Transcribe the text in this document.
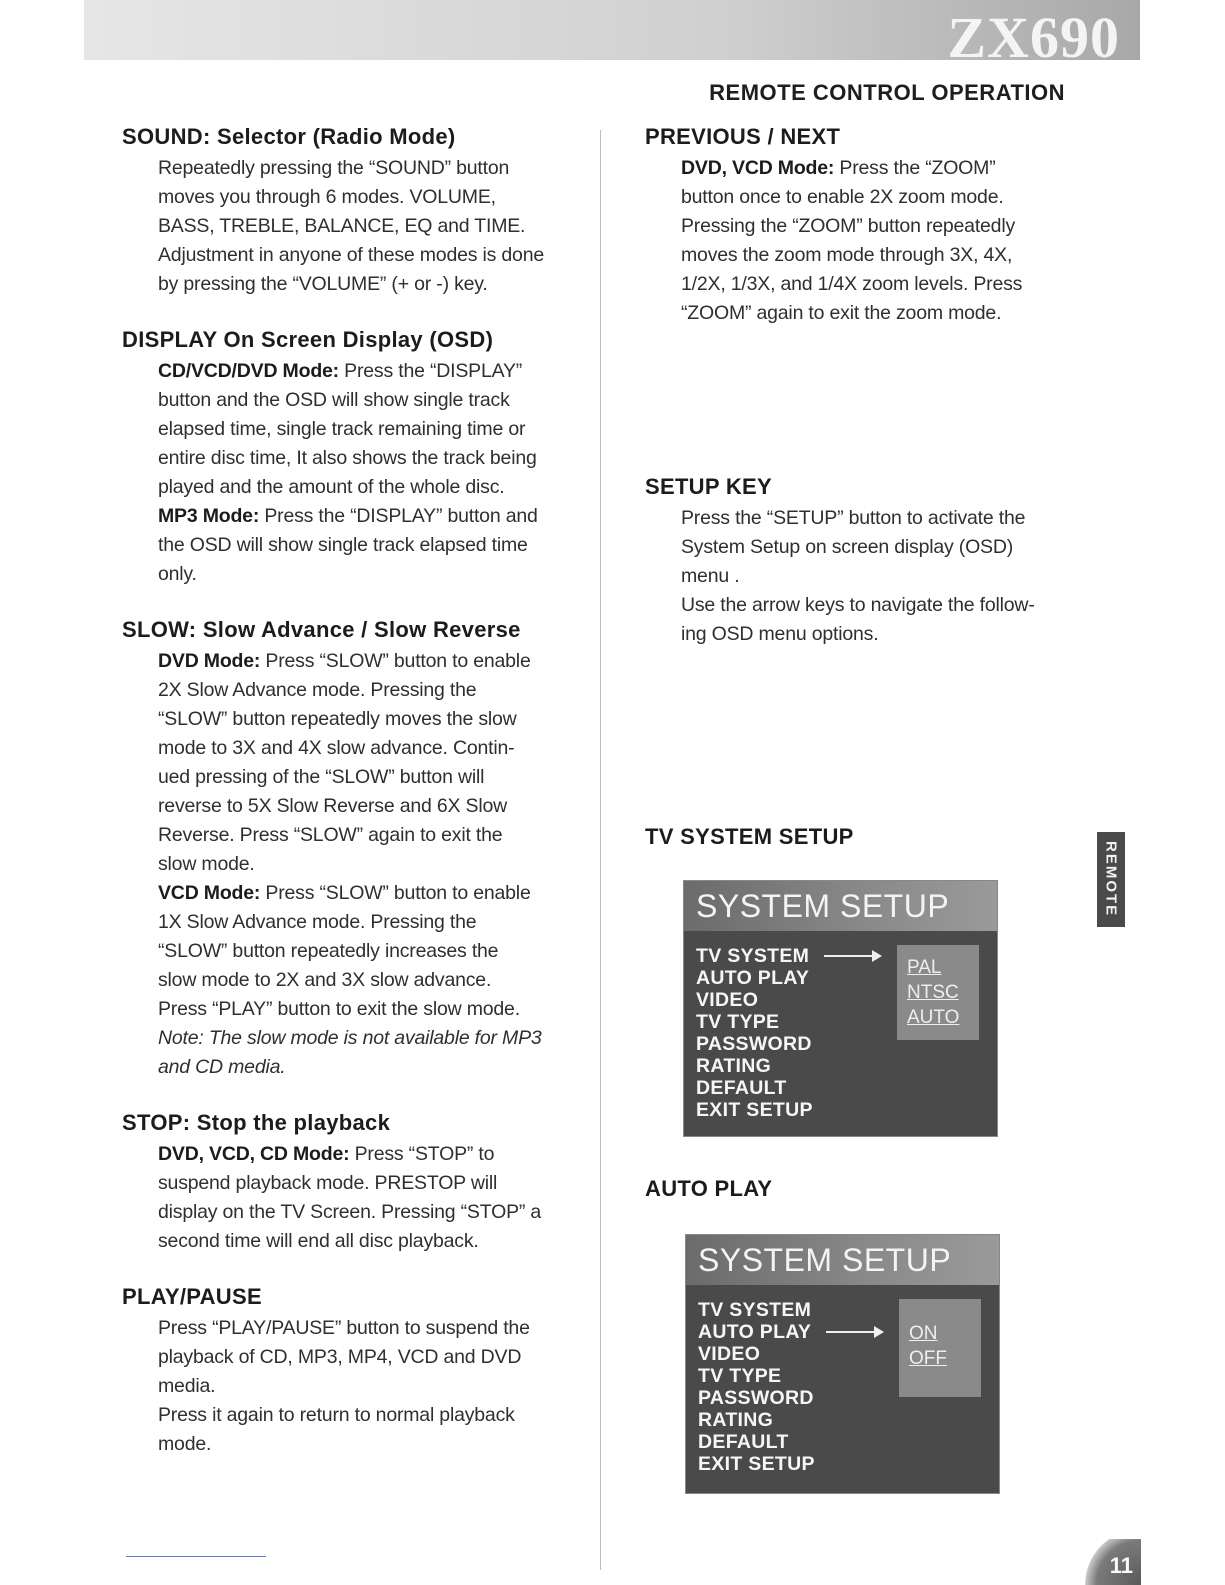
ZX690
REMOTE CONTROL OPERATION
SOUND: Selector (Radio Mode)
Repeatedly pressing the “SOUND” button
moves you through 6 modes. VOLUME,
BASS, TREBLE, BALANCE, EQ and TIME.
Adjustment in anyone of these modes is done
by pressing the “VOLUME” (+ or -) key.
DISPLAY On Screen Display (OSD)
CD/VCD/DVD Mode: Press the “DISPLAY”
button and the OSD will show single track
elapsed time, single track remaining time or
entire disc time, It also shows the track being
played and the amount of the whole disc.
MP3 Mode: Press the “DISPLAY” button and
the OSD will show single track elapsed time
only.
SLOW: Slow Advance / Slow Reverse
DVD Mode: Press “SLOW” button to enable
2X Slow Advance mode. Pressing the
“SLOW” button repeatedly moves the slow
mode to 3X and 4X slow advance. Contin-
ued pressing of the “SLOW” button will
reverse to 5X Slow Reverse and 6X Slow
Reverse. Press “SLOW” again to exit the
slow mode.
VCD Mode: Press “SLOW” button to enable
1X Slow Advance mode. Pressing the
“SLOW” button repeatedly increases the
slow mode to 2X and 3X slow advance.
Press “PLAY” button to exit the slow mode.
Note: The slow mode is not available for MP3
and CD media.
STOP: Stop the playback
DVD, VCD, CD Mode: Press “STOP” to
suspend playback mode. PRESTOP will
display on the TV Screen. Pressing “STOP” a
second time will end all disc playback.
PLAY/PAUSE
Press “PLAY/PAUSE” button to suspend the
playback of CD, MP3, MP4, VCD and DVD
media.
Press it again to return to normal playback
mode.
PREVIOUS / NEXT
DVD, VCD Mode: Press the “ZOOM”
button once to enable 2X zoom mode.
Pressing the “ZOOM” button repeatedly
moves the zoom mode through 3X, 4X,
1/2X, 1/3X, and 1/4X zoom levels. Press
“ZOOM” again to exit the zoom mode.
SETUP KEY
Press the “SETUP” button to activate the
System Setup on screen display (OSD)
menu .
Use the arrow keys to navigate the follow-
ing OSD menu options.
TV SYSTEM SETUP
SYSTEM SETUP
TV SYSTEM
AUTO PLAY
VIDEO
TV TYPE
PASSWORD
RATING
DEFAULT
EXIT SETUP
PAL
NTSC
AUTO
AUTO PLAY
SYSTEM SETUP
TV SYSTEM
AUTO PLAY
VIDEO
TV TYPE
PASSWORD
RATING
DEFAULT
EXIT SETUP
ON
OFF
REMOTE
11
